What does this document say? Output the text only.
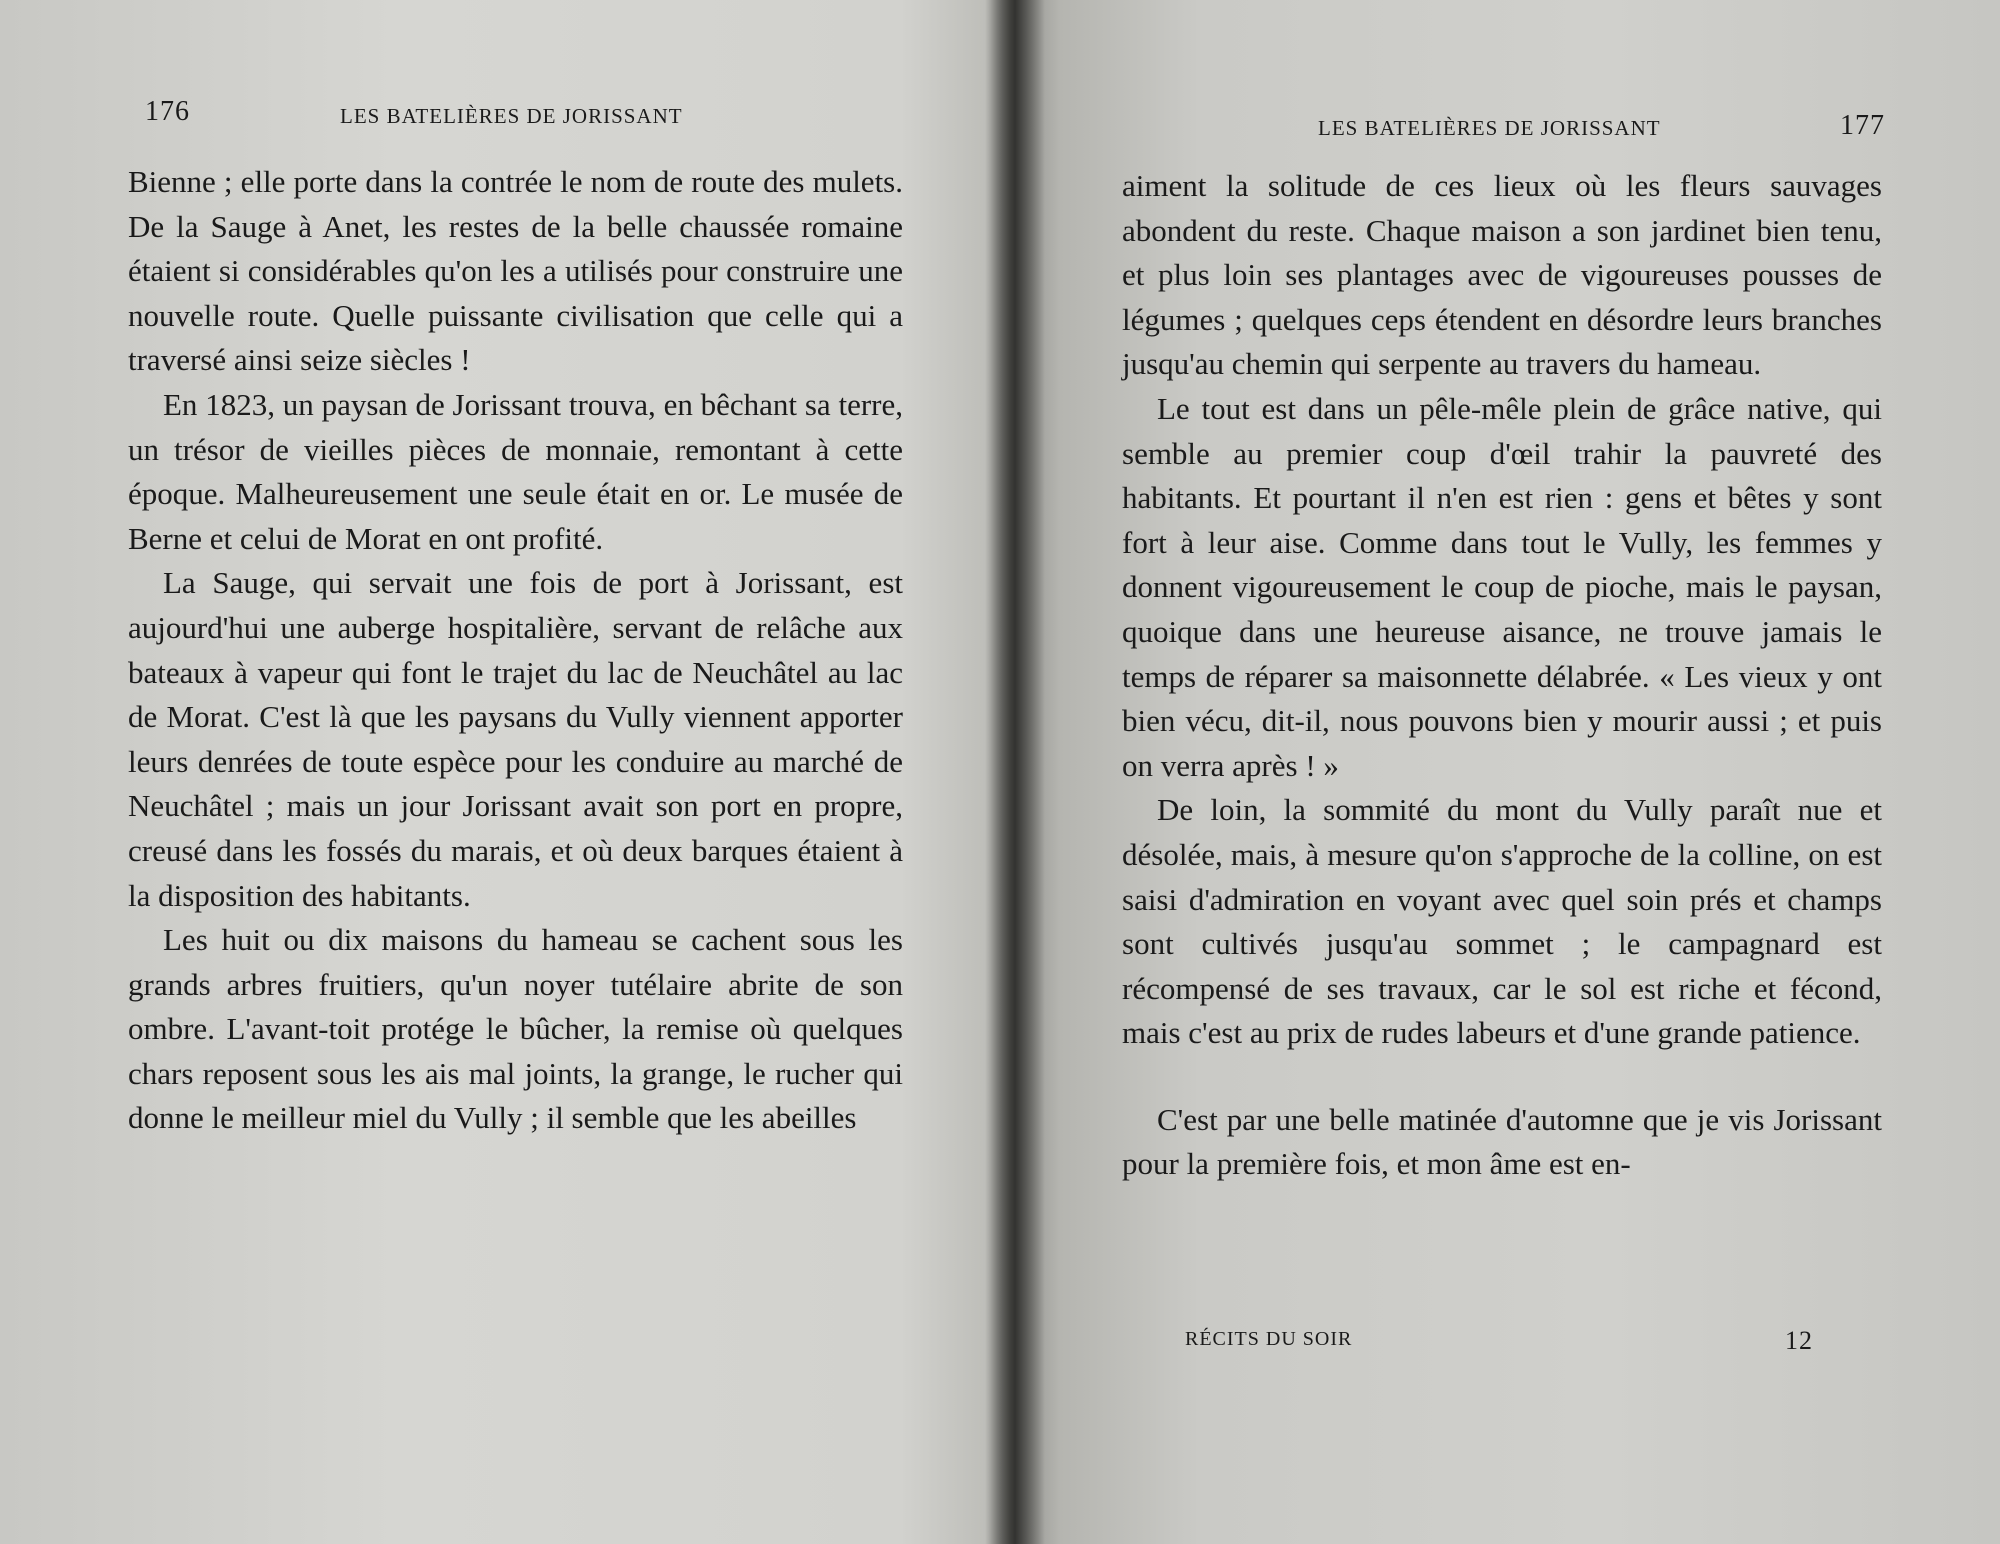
176	LES BATELIÈRES DE JORISSANT

Bienne ; elle porte dans la contrée le nom de route des mulets. De la Sauge à Anet, les restes de la belle chaussée romaine étaient si considérables qu'on les a utilisés pour construire une nouvelle route. Quelle puissante civilisation que celle qui a traversé ainsi seize siècles !

En 1823, un paysan de Jorissant trouva, en bêchant sa terre, un trésor de vieilles pièces de monnaie, remontant à cette époque. Malheureusement une seule était en or. Le musée de Berne et celui de Morat en ont profité.

La Sauge, qui servait une fois de port à Jorissant, est aujourd'hui une auberge hospitalière, servant de relâche aux bateaux à vapeur qui font le trajet du lac de Neuchâtel au lac de Morat. C'est là que les paysans du Vully viennent apporter leurs denrées de toute espèce pour les conduire au marché de Neuchâtel ; mais un jour Jorissant avait son port en propre, creusé dans les fossés du marais, et où deux barques étaient à la disposition des habitants.

Les huit ou dix maisons du hameau se cachent sous les grands arbres fruitiers, qu'un noyer tutélaire abrite de son ombre. L'avant-toit protége le bûcher, la remise où quelques chars reposent sous les ais mal joints, la grange, le rucher qui donne le meilleur miel du Vully ; il semble que les abeilles

LES BATELIÈRES DE JORISSANT	177

aiment la solitude de ces lieux où les fleurs sauvages abondent du reste. Chaque maison a son jardinet bien tenu, et plus loin ses plantages avec de vigoureuses pousses de légumes ; quelques ceps étendent en désordre leurs branches jusqu'au chemin qui serpente au travers du hameau.

Le tout est dans un pêle-mêle plein de grâce native, qui semble au premier coup d'œil trahir la pauvreté des habitants. Et pourtant il n'en est rien : gens et bêtes y sont fort à leur aise. Comme dans tout le Vully, les femmes y donnent vigoureusement le coup de pioche, mais le paysan, quoique dans une heureuse aisance, ne trouve jamais le temps de réparer sa maisonnette délabrée. « Les vieux y ont bien vécu, dit-il, nous pouvons bien y mourir aussi ; et puis on verra après ! »

De loin, la sommité du mont du Vully paraît nue et désolée, mais, à mesure qu'on s'approche de la colline, on est saisi d'admiration en voyant avec quel soin prés et champs sont cultivés jusqu'au sommet ; le campagnard est récompensé de ses travaux, car le sol est riche et fécond, mais c'est au prix de rudes labeurs et d'une grande patience.

C'est par une belle matinée d'automne que je vis Jorissant pour la première fois, et mon âme est en-

RÉCITS DU SOIR	12
